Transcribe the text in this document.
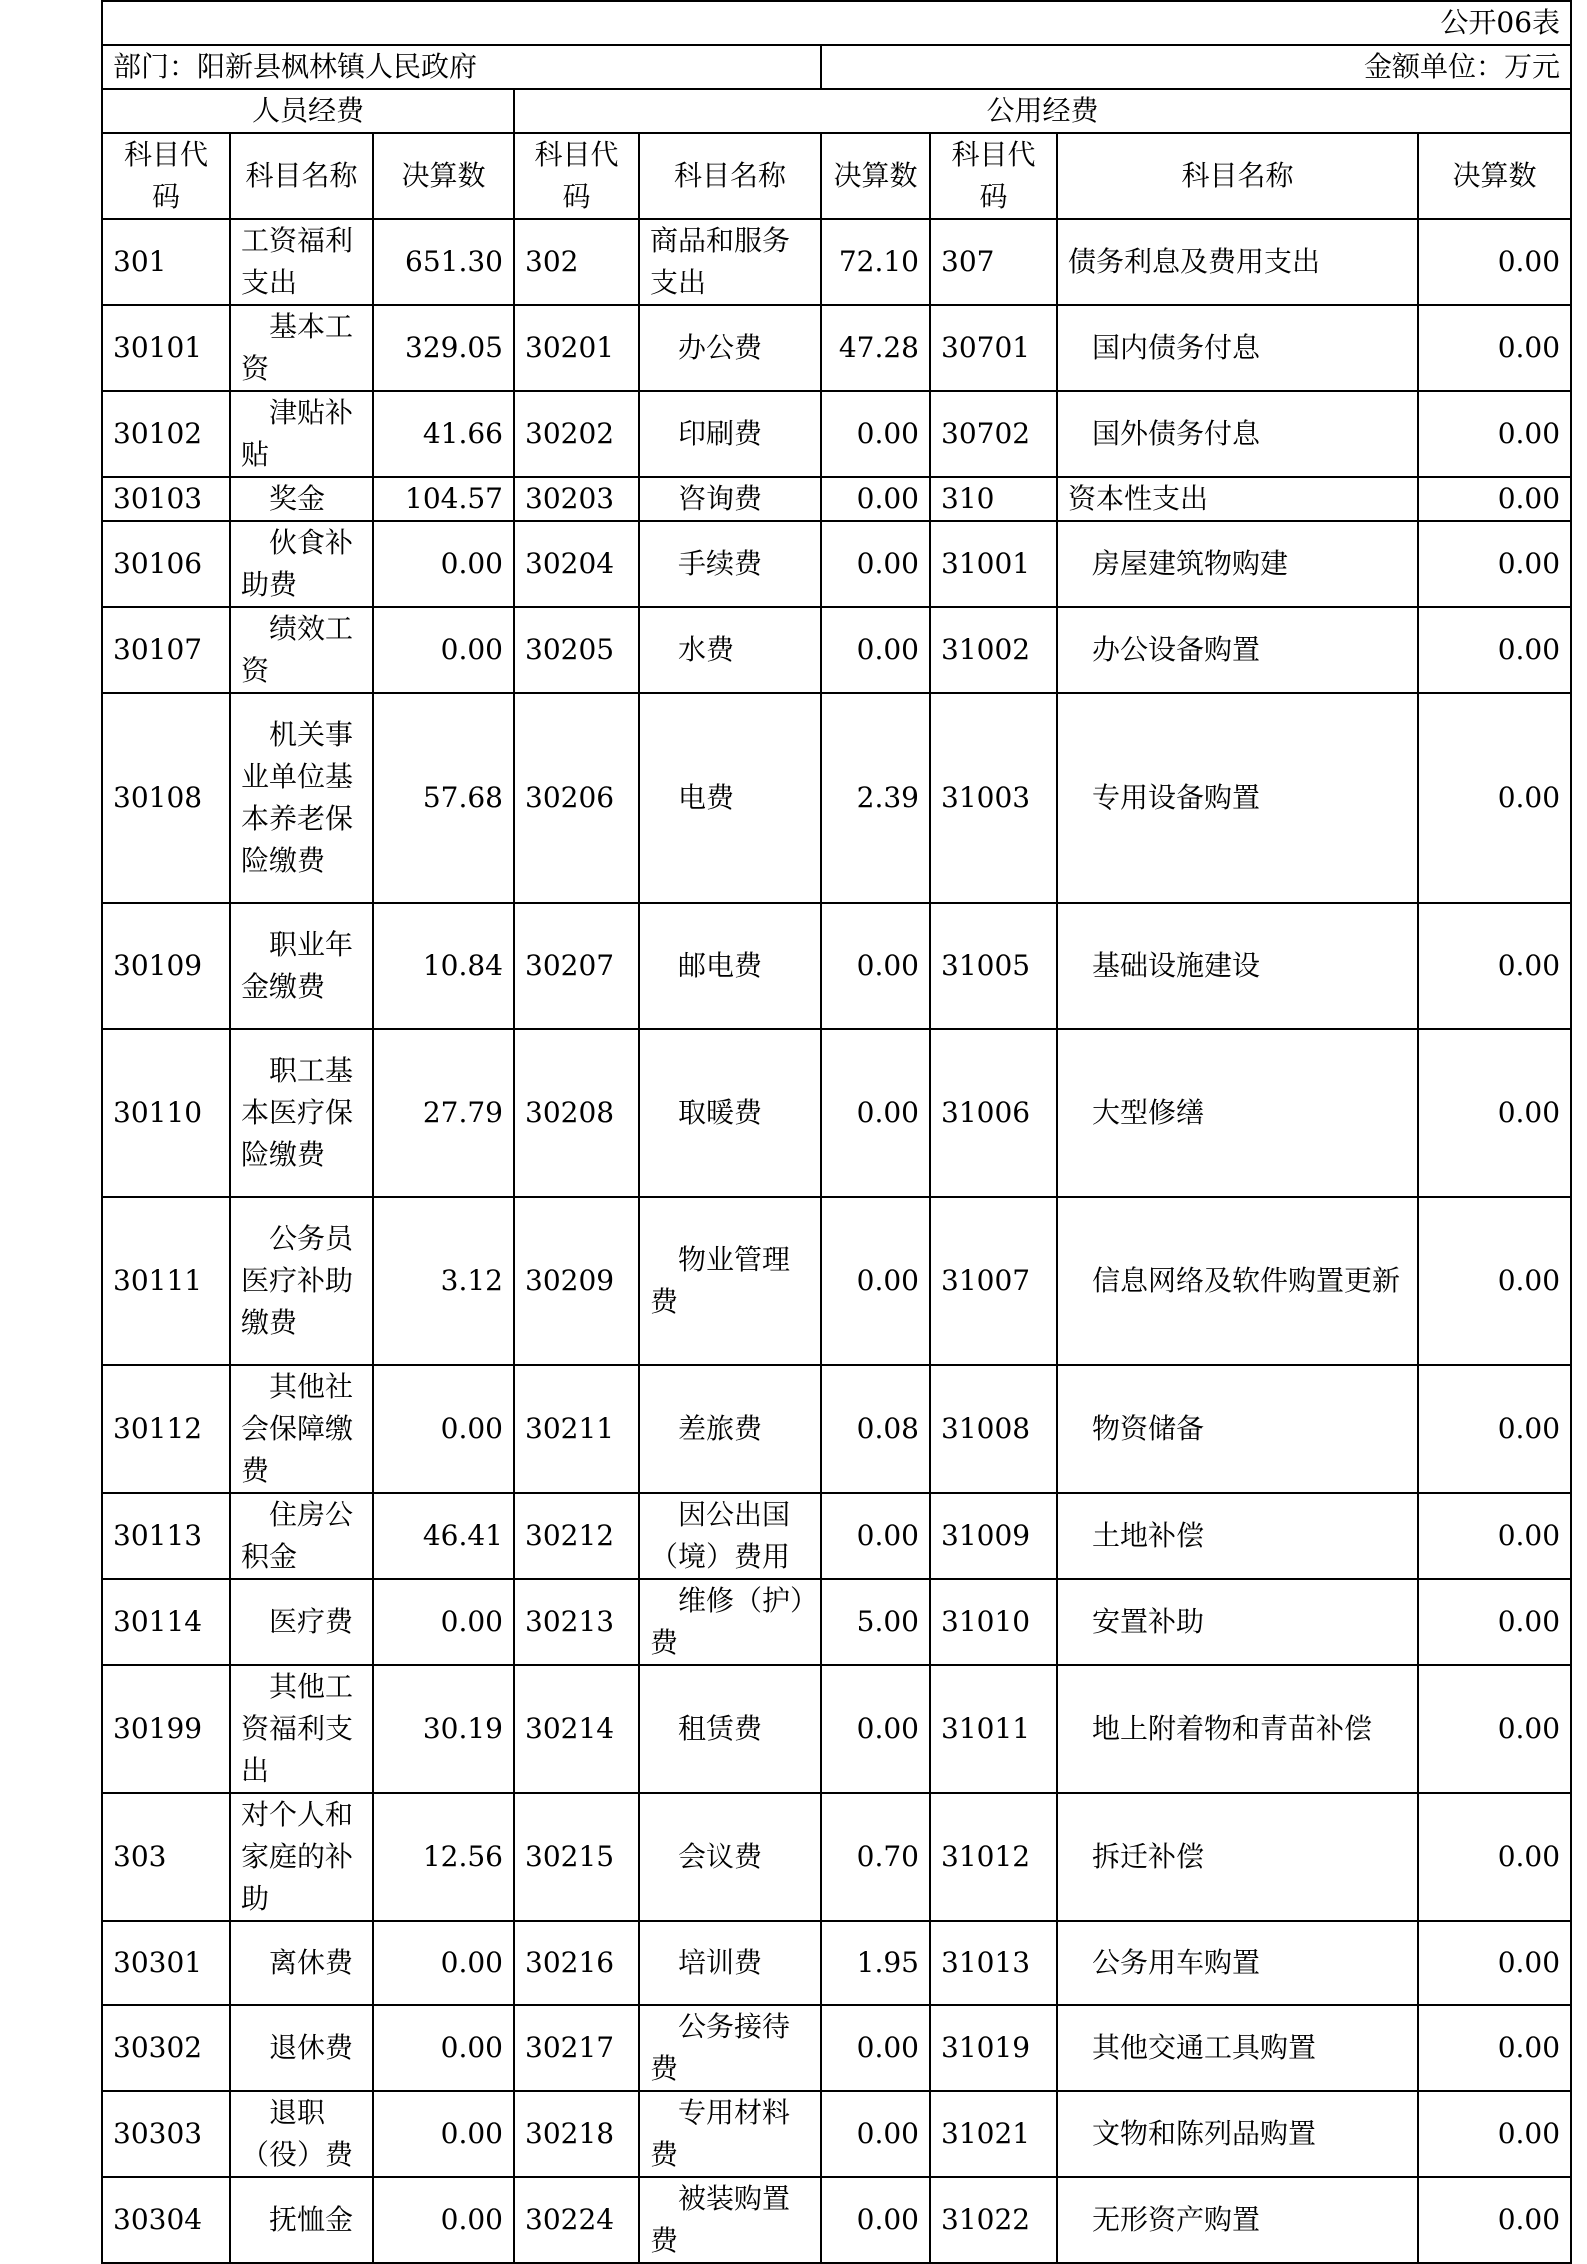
公开06表								
部门：阳新县枫林镇人民政府					金额单位：万元			
人员经费			公用经费					
科目代码	科目名称	决算数	科目代码	科目名称	决算数	科目代码	科目名称	决算数
301	工资福利支出	651.30	302	商品和服务支出	72.10	307	债务利息及费用支出	0.00
30101	基本工资	329.05	30201	办公费	47.28	30701	国内债务付息	0.00
30102	津贴补贴	41.66	30202	印刷费	0.00	30702	国外债务付息	0.00
30103	奖金	104.57	30203	咨询费	0.00	310	资本性支出	0.00
30106	伙食补助费	0.00	30204	手续费	0.00	31001	房屋建筑物购建	0.00
30107	绩效工资	0.00	30205	水费	0.00	31002	办公设备购置	0.00
30108	机关事业单位基本养老保险缴费	57.68	30206	电费	2.39	31003	专用设备购置	0.00
30109	职业年金缴费	10.84	30207	邮电费	0.00	31005	基础设施建设	0.00
30110	职工基本医疗保险缴费	27.79	30208	取暖费	0.00	31006	大型修缮	0.00
30111	公务员医疗补助缴费	3.12	30209	物业管理费	0.00	31007	信息网络及软件购置更新	0.00
30112	其他社会保障缴费	0.00	30211	差旅费	0.08	31008	物资储备	0.00
30113	住房公积金	46.41	30212	因公出国（境）费用	0.00	31009	土地补偿	0.00
30114	医疗费	0.00	30213	维修（护）费	5.00	31010	安置补助	0.00
30199	其他工资福利支出	30.19	30214	租赁费	0.00	31011	地上附着物和青苗补偿	0.00
303	对个人和家庭的补助	12.56	30215	会议费	0.70	31012	拆迁补偿	0.00
30301	离休费	0.00	30216	培训费	1.95	31013	公务用车购置	0.00
30302	退休费	0.00	30217	公务接待费	0.00	31019	其他交通工具购置	0.00
30303	退职（役）费	0.00	30218	专用材料费	0.00	31021	文物和陈列品购置	0.00
30304	抚恤金	0.00	30224	被装购置费	0.00	31022	无形资产购置	0.00
